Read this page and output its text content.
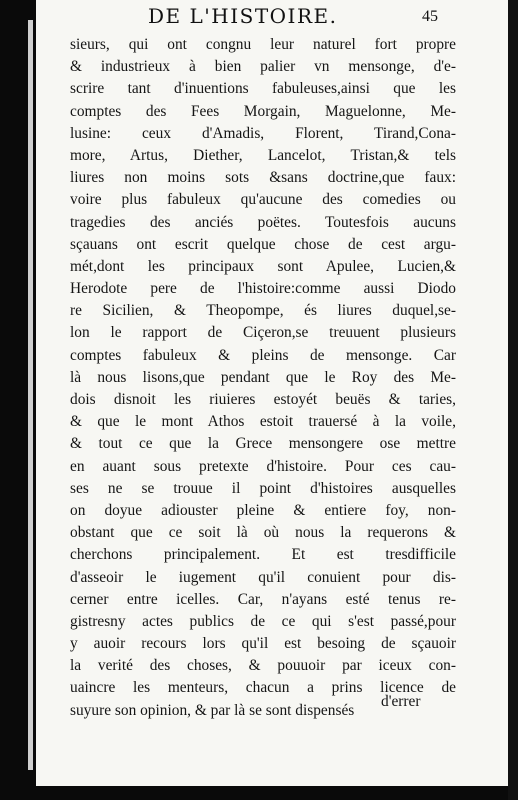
DE L'HISTOIRE.	45
sieurs, qui ont congnu leur naturel fort propre
& industrieux à bien palier vn mensonge, d'e-
scrire tant d'inuentions fabuleuses,ainsi que les
comptes des Fees Morgain, Maguelonne, Me-
lusine: ceux d'Amadis, Florent, Tirand,Cona-
more, Artus, Diether, Lancelot, Tristan,& tels
liures non moins sots &sans doctrine,que faux:
voire plus fabuleux qu'aucune des comedies ou
tragedies des anciés poëtes. Toutesfois aucuns
sçauans ont escrit quelque chose de cest argu-
mét,dont les principaux sont Apulee, Lucien,&
Herodote pere de l'histoire:comme aussi Diodo
re Sicilien, & Theopompe, és liures duquel,se-
lon le rapport de Ciçeron,se treuuent plusieurs
comptes fabuleux & pleins de mensonge. Car
là nous lisons,que pendant que le Roy des Me-
dois disnoit les riuieres estoyét beuës & taries,
& que le mont Athos estoit trauersé à la voile,
& tout ce que la Grece mensongere ose mettre
en auant sous pretexte d'histoire. Pour ces cau-
ses ne se trouue il point d'histoires ausquelles
on doyue adiouster pleine & entiere foy, non-
obstant que ce soit là où nous la requerons &
cherchons principalement. Et est tresdifficile
d'asseoir le iugement qu'il conuient pour dis-
cerner entre icelles. Car, n'ayans esté tenus re-
gistresny actes publics de ce qui s'est passé,pour
y auoir recours lors qu'il est besoing de sçauoir
la verité des choses, & pouuoir par iceux con-
uaincre les menteurs, chacun a prins licence de
suyure son opinion, & par là se sont dispensés
d'errer
